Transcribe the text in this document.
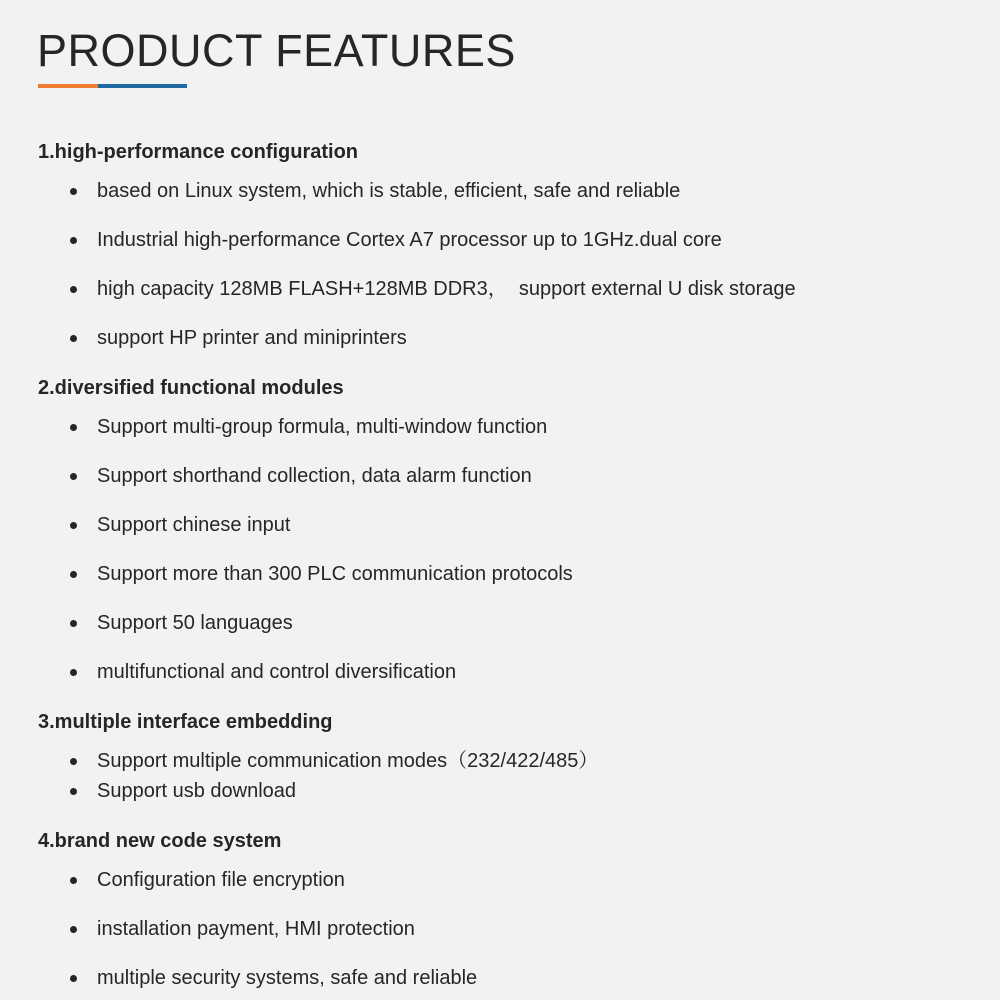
PRODUCT FEATURES
1.high-performance configuration
based on Linux system, which is stable, efficient, safe and reliable
Industrial high-performance Cortex A7 processor up to 1GHz.dual core
high capacity 128MB FLASH+128MB DDR3，  support external U disk storage
support HP printer and miniprinters
2.diversified functional modules
Support multi-group formula, multi-window function
Support shorthand collection, data alarm function
Support chinese input
Support more than 300 PLC communication protocols
Support 50 languages
multifunctional and control diversification
3.multiple interface embedding
Support multiple communication modes（232/422/485）
Support usb download
4.brand new code system
Configuration file encryption
installation payment, HMI protection
multiple security systems, safe and reliable
